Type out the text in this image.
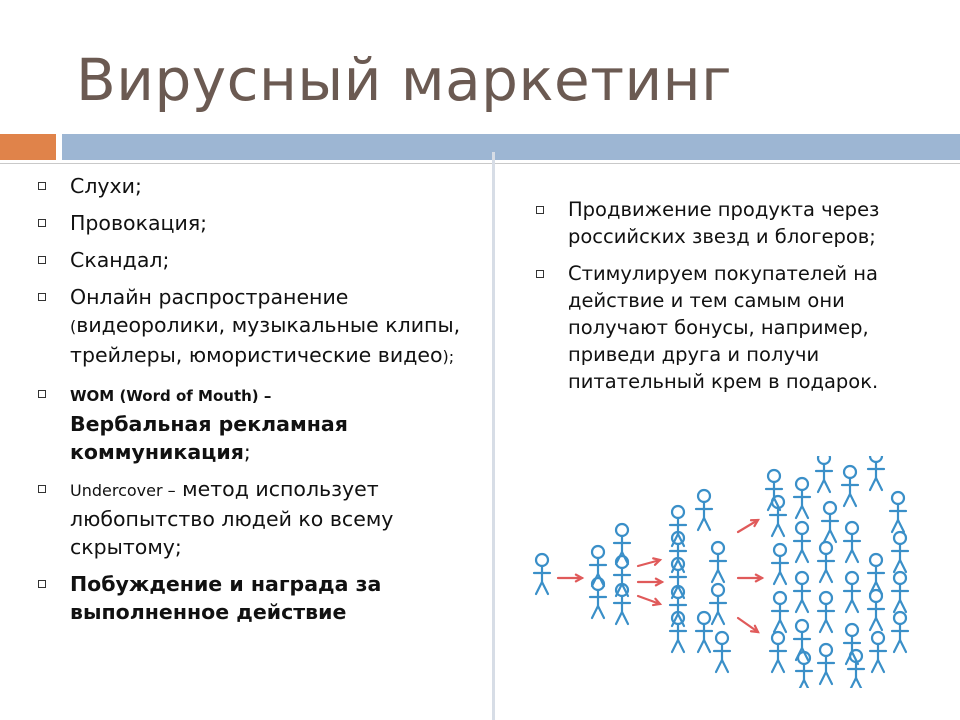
Вирусный маркетинг
Слухи;
Провокация;
Скандал;
Онлайн распространение
(видеоролики, музыкальные клипы, трейлеры, юмористические видео);
WOM (Word of Mouth) –
Вербальная рекламная коммуникация;
Undercover – метод использует любопытство людей ко всему скрытому;
Побуждение и награда за выполненное действие
Продвижение продукта через российских звезд и блогеров;
Стимулируем покупателей на действие и тем самым они получают бонусы, например, приведи друга и получи питательный крем в подарок.
